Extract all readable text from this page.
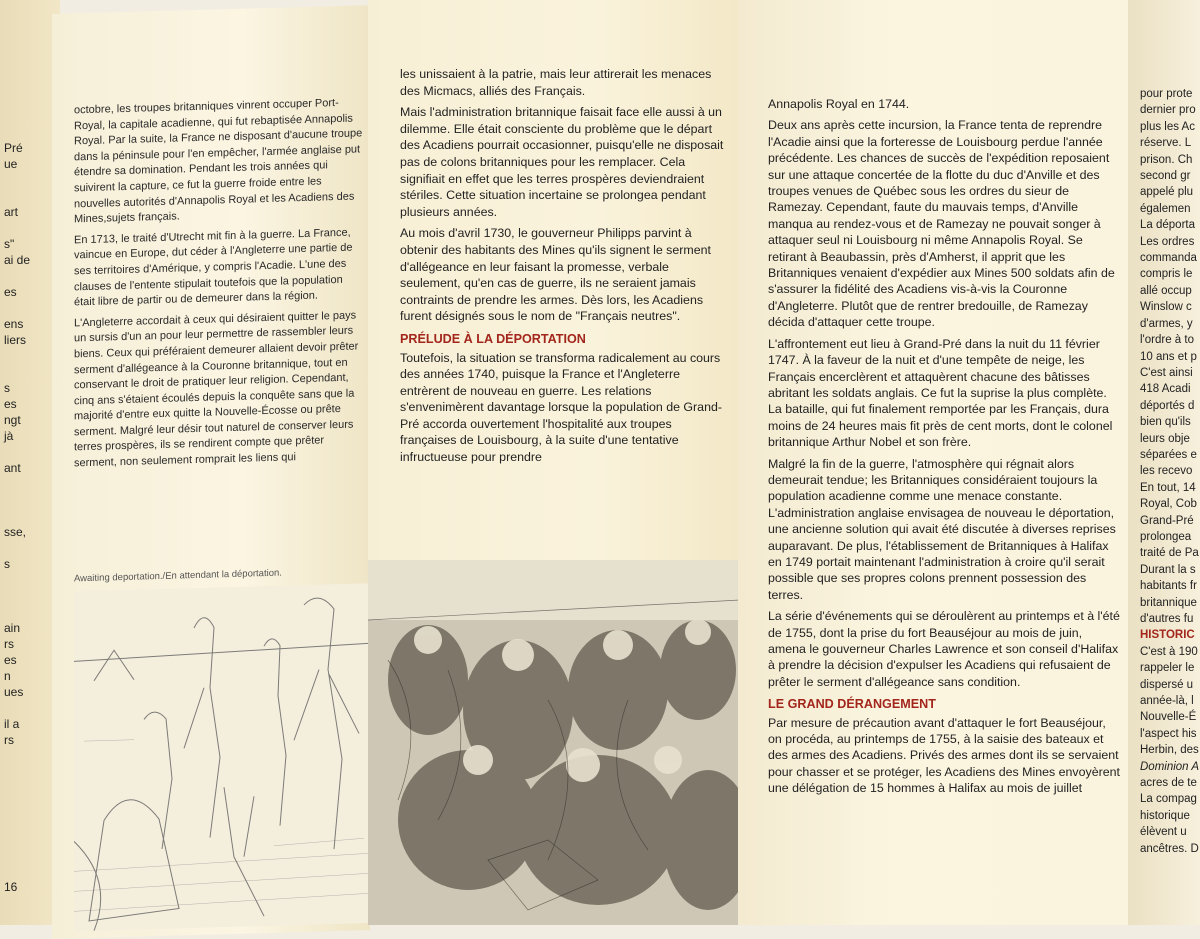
Pré
ue

art

s"
ai de

es

ens
liers

s
es
ngt
jà

ant

sse,

s

ain
rs
es
n
ues

il a
rs
16

octobre, les troupes britanniques vinrent occuper Port-Royal, la capitale acadienne, qui fut rebaptisée Annapolis Royal. Par la suite, la France ne disposant d'aucune troupe dans la péninsule pour l'en empêcher, l'armée anglaise put étendre sa domination. Pendant les trois années qui suivirent la capture, ce fut la guerre froide entre les nouvelles autorités d'Annapolis Royal et les Acadiens des Mines,sujets français.

En 1713, le traité d'Utrecht mit fin à la guerre. La France, vaincue en Europe, dut céder à l'Angleterre une partie de ses territoires d'Amérique, y compris l'Acadie. L'une des clauses de l'entente stipulait toutefois que la population était libre de partir ou de demeurer dans la région.

L'Angleterre accordait à ceux qui désiraient quitter le pays un sursis d'un an pour leur permettre de rassembler leurs biens. Ceux qui préféraient demeurer allaient devoir prêter serment d'allégeance à la Couronne britannique, tout en conservant le droit de pratiquer leur religion. Cependant, cinq ans s'étaient écoulés depuis la conquête sans que la majorité d'entre eux quitte la Nouvelle-Écosse ou prête serment. Malgré leur désir tout naturel de conserver leurs terres prospères, ils se rendirent compte que prêter serment, non seulement romprait les liens qui

Awaiting deportation./En attendant la déportation.

les unissaient à la patrie, mais leur attirerait les menaces des Micmacs, alliés des Français.

Mais l'administration britannique faisait face elle aussi à un dilemme. Elle était consciente du problème que le départ des Acadiens pourrait occasionner, puisqu'elle ne disposait pas de colons britanniques pour les remplacer. Cela signifiait en effet que les terres prospères deviendraient stériles. Cette situation incertaine se prolongea pendant plusieurs années.

Au mois d'avril 1730, le gouverneur Philipps parvint à obtenir des habitants des Mines qu'ils signent le serment d'allégeance en leur faisant la promesse, verbale seulement, qu'en cas de guerre, ils ne seraient jamais contraints de prendre les armes. Dès lors, les Acadiens furent désignés sous le nom de "Français neutres".

PRÉLUDE À LA DÉPORTATION

Toutefois, la situation se transforma radicalement au cours des années 1740, puisque la France et l'Angleterre entrèrent de nouveau en guerre. Les relations s'envenimèrent davantage lorsque la population de Grand-Pré accorda ouvertement l'hospitalité aux troupes françaises de Louisbourg, à la suite d'une tentative infructueuse pour prendre

Annapolis Royal en 1744.

Deux ans après cette incursion, la France tenta de reprendre l'Acadie ainsi que la forteresse de Louisbourg perdue l'année précédente. Les chances de succès de l'expédition reposaient sur une attaque concertée de la flotte du duc d'Anville et des troupes venues de Québec sous les ordres du sieur de Ramezay. Cependant, faute du mauvais temps, d'Anville manqua au rendez-vous et de Ramezay ne pouvait songer à attaquer seul ni Louisbourg ni même Annapolis Royal. Se retirant à Beaubassin, près d'Amherst, il apprit que les Britanniques venaient d'expédier aux Mines 500 soldats afin de s'assurer la fidélité des Acadiens vis-à-vis la Couronne d'Angleterre. Plutôt que de rentrer bredouille, de Ramezay décida d'attaquer cette troupe.

L'affrontement eut lieu à Grand-Pré dans la nuit du 11 février 1747. À la faveur de la nuit et d'une tempête de neige, les Français encerclèrent et attaquèrent chacune des bâtisses abritant les soldats anglais. Ce fut la suprise la plus complète. La bataille, qui fut finalement remportée par les Français, dura moins de 24 heures mais fit près de cent morts, dont le colonel britannique Arthur Nobel et son frère.

Malgré la fin de la guerre, l'atmosphère qui régnait alors demeurait tendue; les Britanniques considéraient toujours la population acadienne comme une menace constante. L'administration anglaise envisagea de nouveau le déportation, une ancienne solution qui avait été discutée à diverses reprises auparavant. De plus, l'établissement de Britanniques à Halifax en 1749 portait maintenant l'administration à croire qu'il serait possible que ses propres colons prennent possession des terres.

La série d'événements qui se déroulèrent au printemps et à l'été de 1755, dont la prise du fort Beauséjour au mois de juin, amena le gouverneur Charles Lawrence et son conseil d'Halifax à prendre la décision d'expulser les Acadiens qui refusaient de prêter le serment d'allégeance sans condition.

LE GRAND DÉRANGEMENT

Par mesure de précaution avant d'attaquer le fort Beauséjour, on procéda, au printemps de 1755, à la saisie des bateaux et des armes des Acadiens. Privés des armes dont ils se servaient pour chasser et se protéger, les Acadiens des Mines envoyèrent une délégation de 15 hommes à Halifax au mois de juillet

pour prote
dernier pro
plus les Ac
réserve. L
prison. Ch
second gr
appelé plu
égalemen
La déporta
Les ordres
commanda
compris le
allé occup
Winslow c
d'armes, y
l'ordre à to
10 ans et p
C'est ainsi
418 Acadi
déportés d
bien qu'ils
leurs obje
séparées e
les recevo
En tout, 14
Royal, Cob
Grand-Pré
prolongea
traité de Pa
Durant la s
habitants fr
britannique
d'autres fu
HISTORIC
C'est à 190
rappeler le
dispersé u
année-là, l
Nouvelle-É
l'aspect his
Herbin, des
Dominion A
acres de te
La compag
historique
élèvent u
ancêtres. D
